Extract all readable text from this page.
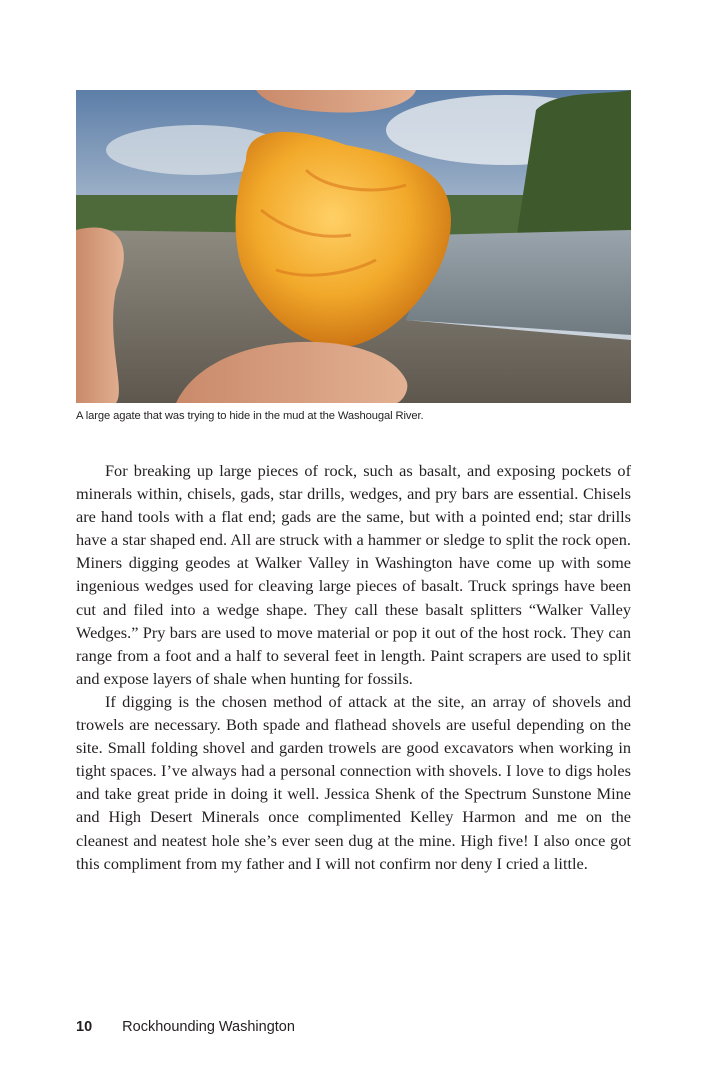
A large agate that was trying to hide in the mud at the Washougal River.

For breaking up large pieces of rock, such as basalt, and exposing pockets of minerals within, chisels, gads, star drills, wedges, and pry bars are essential. Chisels are hand tools with a flat end; gads are the same, but with a pointed end; star drills have a star shaped end. All are struck with a hammer or sledge to split the rock open. Miners digging geodes at Walker Valley in Washington have come up with some ingenious wedges used for cleaving large pieces of basalt. Truck springs have been cut and filed into a wedge shape. They call these basalt splitters “Walker Valley Wedges.” Pry bars are used to move material or pop it out of the host rock. They can range from a foot and a half to several feet in length. Paint scrapers are used to split and expose layers of shale when hunting for fossils.

If digging is the chosen method of attack at the site, an array of shovels and trowels are necessary. Both spade and flathead shovels are useful depending on the site. Small folding shovel and garden trowels are good excavators when working in tight spaces. I’ve always had a personal connection with shovels. I love to digs holes and take great pride in doing it well. Jessica Shenk of the Spectrum Sunstone Mine and High Desert Minerals once complimented Kelley Harmon and me on the cleanest and neatest hole she’s ever seen dug at the mine. High five! I also once got this compliment from my father and I will not confirm nor deny I cried a little.

10 Rockhounding Washington
